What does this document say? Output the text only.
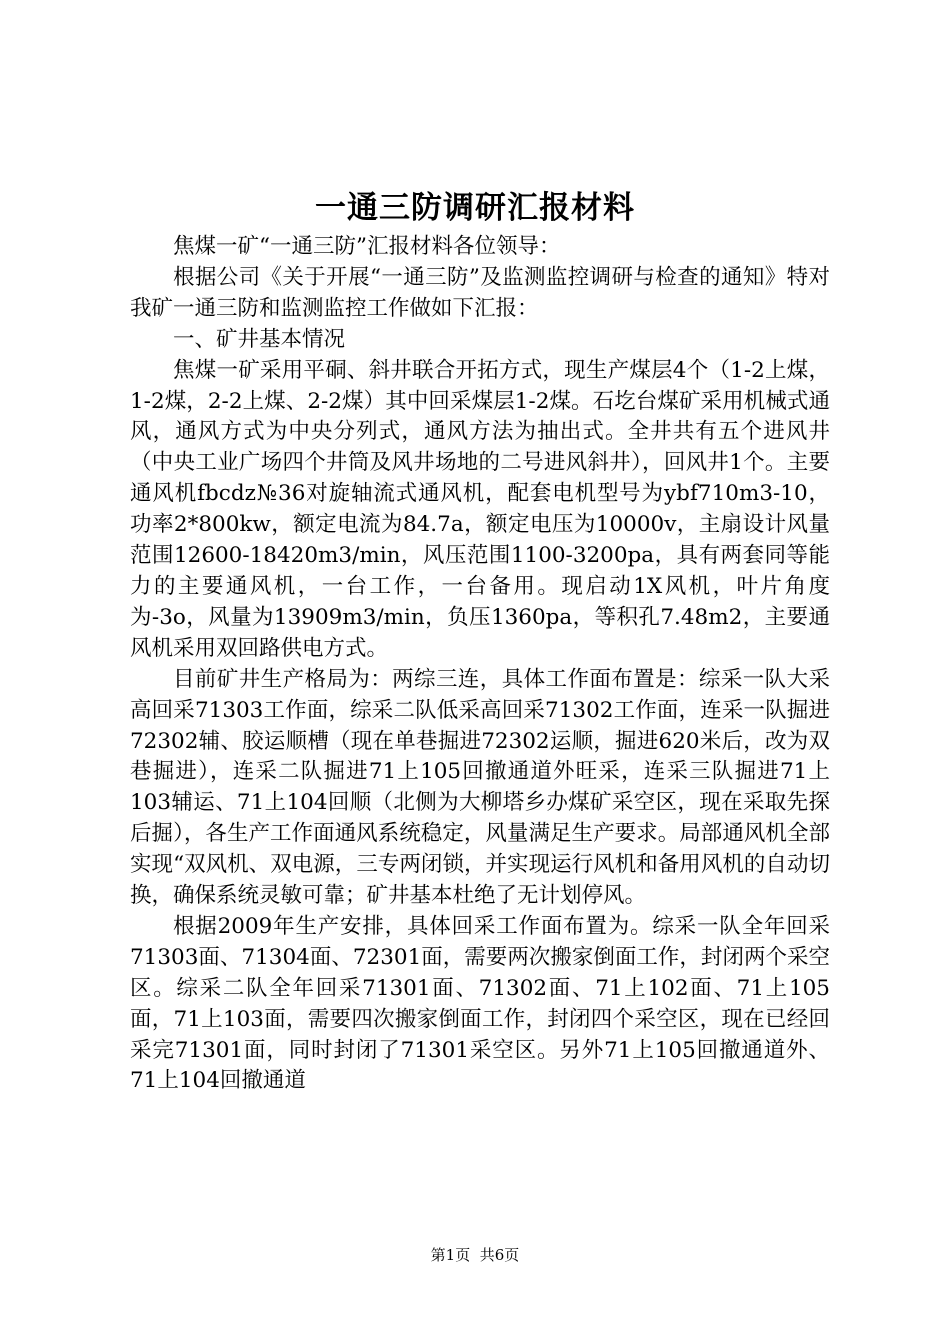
一通三防调研汇报材料

焦煤一矿“一通三防”汇报材料各位领导：

根据公司《关于开展“一通三防”及监测监控调研与检查的通知》特对我矿一通三防和监测监控工作做如下汇报：

一、矿井基本情况

焦煤一矿采用平硐、斜井联合开拓方式，现生产煤层4个（1-2上煤，1-2煤，2-2上煤、2-2煤）其中回采煤层1-2煤。石圪台煤矿采用机械式通风，通风方式为中央分列式，通风方法为抽出式。全井共有五个进风井（中央工业广场四个井筒及风井场地的二号进风斜井），回风井1个。主要通风机fbcdz№36对旋轴流式通风机，配套电机型号为ybf710m3-10，功率2*800kw，额定电流为84.7a，额定电压为10000v，主扇设计风量范围12600-18420m3/min，风压范围1100-3200pa，具有两套同等能力的主要通风机，一台工作，一台备用。现启动1X风机，叶片角度为-3o，风量为13909m3/min，负压1360pa，等积孔7.48m2，主要通风机采用双回路供电方式。

目前矿井生产格局为：两综三连，具体工作面布置是：综采一队大采高回采71303工作面，综采二队低采高回采71302工作面，连采一队掘进72302辅、胶运顺槽（现在单巷掘进72302运顺，掘进620米后，改为双巷掘进），连采二队掘进71上105回撤通道外旺采，连采三队掘进71上103辅运、71上104回顺（北侧为大柳塔乡办煤矿采空区，现在采取先探后掘），各生产工作面通风系统稳定，风量满足生产要求。局部通风机全部实现“双风机、双电源，三专两闭锁，并实现运行风机和备用风机的自动切换，确保系统灵敏可靠；矿井基本杜绝了无计划停风。

根据2009年生产安排，具体回采工作面布置为。综采一队全年回采71303面、71304面、72301面，需要两次搬家倒面工作，封闭两个采空区。综采二队全年回采71301面、71302面、71上102面、71上105面，71上103面，需要四次搬家倒面工作，封闭四个采空区，现在已经回采完71301面，同时封闭了71301采空区。另外71上105回撤通道外、71上104回撤通道

第1页 共6页
